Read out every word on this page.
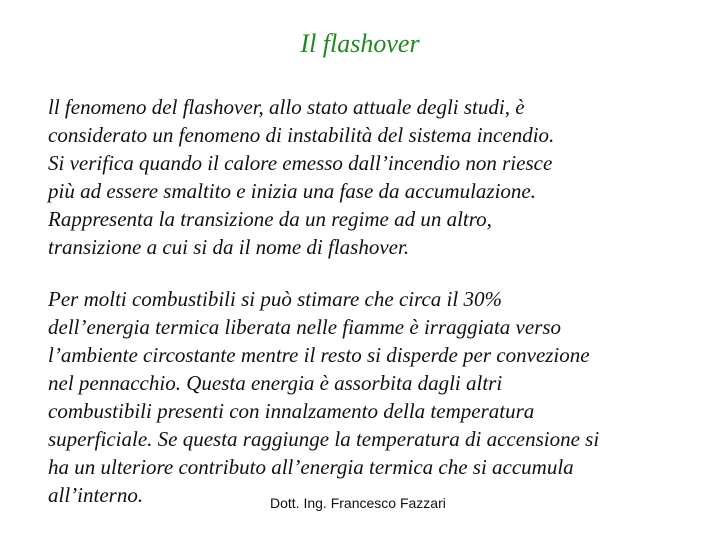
Il flashover
ll fenomeno del flashover, allo stato attuale degli studi, è
considerato un fenomeno di instabilità del sistema incendio.
Si verifica quando il calore emesso dall’incendio non riesce
più ad essere smaltito e inizia una fase da accumulazione.
Rappresenta la transizione da un regime ad un altro,
transizione a cui si da il nome di flashover.
Per molti combustibili si può stimare che circa il 30%
dell’energia termica liberata nelle fiamme è irraggiata verso
l’ambiente circostante mentre il resto si disperde per convezione
nel pennacchio. Questa energia è assorbita dagli altri
combustibili presenti con innalzamento della temperatura
superficiale. Se questa raggiunge la temperatura di accensione si
ha un ulteriore contributo all’energia termica che si accumula
all’interno.	Dott. Ing. Francesco Fazzari
